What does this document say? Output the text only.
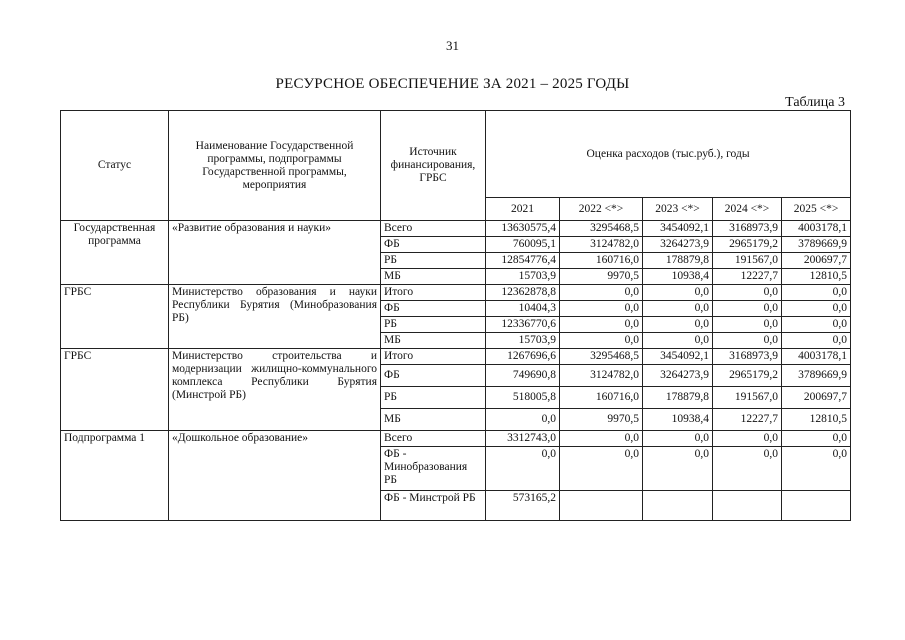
31
РЕСУРСНОЕ ОБЕСПЕЧЕНИЕ ЗА 2021 – 2025 ГОДЫ
Таблица 3
Статус	Наименование Государственной программы, подпрограммы Государственной программы, мероприятия	Источник финансирования, ГРБС	Оценка расходов (тыс.руб.), годы				
			2021	2022 <*>	2023 <*>	2024 <*>	2025 <*>
Государственная программа	«Развитие образования и науки»	Всего	13630575,4	3295468,5	3454092,1	3168973,9	4003178,1
		ФБ	760095,1	3124782,0	3264273,9	2965179,2	3789669,9
		РБ	12854776,4	160716,0	178879,8	191567,0	200697,7
		МБ	15703,9	9970,5	10938,4	12227,7	12810,5
ГРБС	Министерство образования и науки Республики Бурятия (Минобразования РБ)	Итого	12362878,8	0,0	0,0	0,0	0,0
		ФБ	10404,3	0,0	0,0	0,0	0,0
		РБ	12336770,6	0,0	0,0	0,0	0,0
		МБ	15703,9	0,0	0,0	0,0	0,0
ГРБС	Министерство строительства и модернизации жилищно-коммунального комплекса Республики Бурятия (Минстрой РБ)	Итого	1267696,6	3295468,5	3454092,1	3168973,9	4003178,1
		ФБ	749690,8	3124782,0	3264273,9	2965179,2	3789669,9
		РБ	518005,8	160716,0	178879,8	191567,0	200697,7
		МБ	0,0	9970,5	10938,4	12227,7	12810,5
Подпрограмма 1	«Дошкольное образование»	Всего	3312743,0	0,0	0,0	0,0	0,0
		ФБ - Минобразования РБ	0,0	0,0	0,0	0,0	0,0
		ФБ - Минстрой РБ	573165,2				
